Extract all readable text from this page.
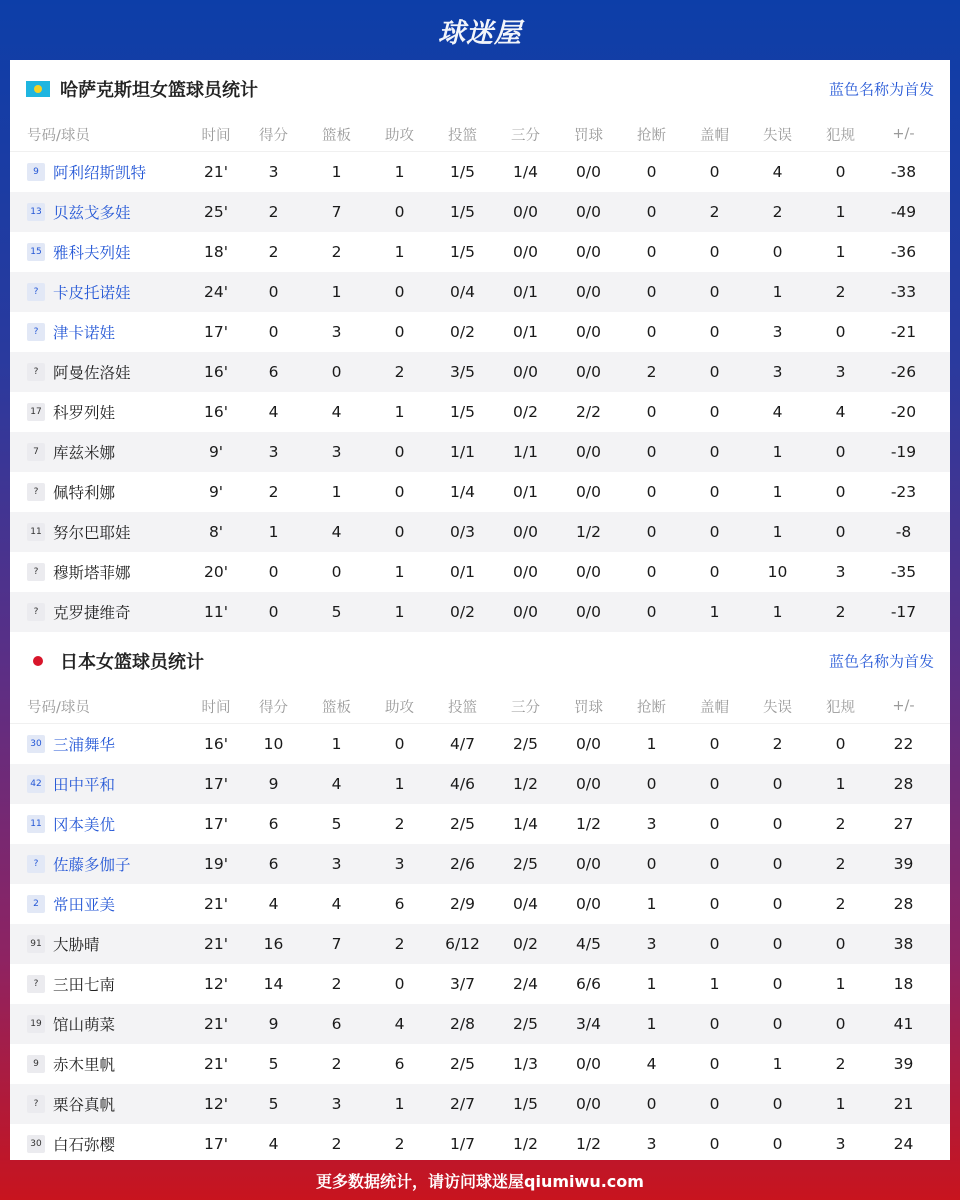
球迷屋
哈萨克斯坦女篮球员统计	蓝色名称为首发
号码/球员	时间	得分	篮板	助攻	投篮	三分	罚球	抢断	盖帽	失误	犯规	+/-
9 阿利绍斯凯特	21'	3	1	1	1/5	1/4	0/0	0	0	4	0	-38
13 贝兹戈多娃	25'	2	7	0	1/5	0/0	0/0	0	2	2	1	-49
15 雅科夫列娃	18'	2	2	1	1/5	0/0	0/0	0	0	0	1	-36
? 卡皮托诺娃	24'	0	1	0	0/4	0/1	0/0	0	0	1	2	-33
? 津卡诺娃	17'	0	3	0	0/2	0/1	0/0	0	0	3	0	-21
? 阿曼佐洛娃	16'	6	0	2	3/5	0/0	0/0	2	0	3	3	-26
17 科罗列娃	16'	4	4	1	1/5	0/2	2/2	0	0	4	4	-20
7 库兹米娜	9'	3	3	0	1/1	1/1	0/0	0	0	1	0	-19
? 佩特利娜	9'	2	1	0	1/4	0/1	0/0	0	0	1	0	-23
11 努尔巴耶娃	8'	1	4	0	0/3	0/0	1/2	0	0	1	0	-8
? 穆斯塔菲娜	20'	0	0	1	0/1	0/0	0/0	0	0	10	3	-35
? 克罗捷维奇	11'	0	5	1	0/2	0/0	0/0	0	1	1	2	-17
日本女篮球员统计	蓝色名称为首发
号码/球员	时间	得分	篮板	助攻	投篮	三分	罚球	抢断	盖帽	失误	犯规	+/-
30 三浦舞华	16'	10	1	0	4/7	2/5	0/0	1	0	2	0	22
42 田中平和	17'	9	4	1	4/6	1/2	0/0	0	0	0	1	28
11 冈本美优	17'	6	5	2	2/5	1/4	1/2	3	0	0	2	27
? 佐藤多伽子	19'	6	3	3	2/6	2/5	0/0	0	0	0	2	39
2 常田亚美	21'	4	4	6	2/9	0/4	0/0	1	0	0	2	28
91 大胁晴	21'	16	7	2	6/12	0/2	4/5	3	0	0	0	38
? 三田七南	12'	14	2	0	3/7	2/4	6/6	1	1	0	1	18
19 馆山萌菜	21'	9	6	4	2/8	2/5	3/4	1	0	0	0	41
9 赤木里帆	21'	5	2	6	2/5	1/3	0/0	4	0	1	2	39
? 栗谷真帆	12'	5	3	1	2/7	1/5	0/0	0	0	0	1	21
30 白石弥樱	17'	4	2	2	1/7	1/2	1/2	3	0	0	3	24
更多数据统计，请访问球迷屋qiumiwu.com
